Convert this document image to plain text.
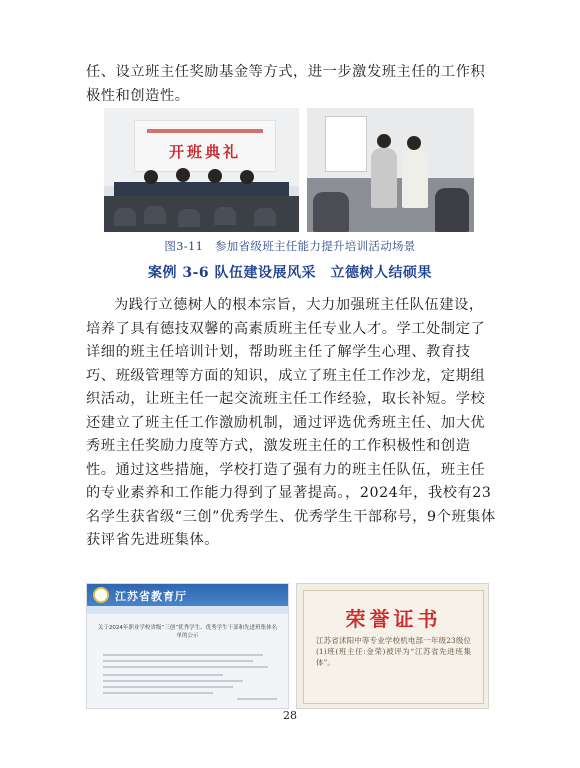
任、设立班主任奖励基金等方式，进一步激发班主任的工作积极性和创造性。

开班典礼
图3-11　参加省级班主任能力提升培训活动场景
案例 3-6 队伍建设展风采　立德树人结硕果

为践行立德树人的根本宗旨，大力加强班主任队伍建设，培养了具有德技双馨的高素质班主任专业人才。学工处制定了详细的班主任培训计划，帮助班主任了解学生心理、教育技巧、班级管理等方面的知识，成立了班主任工作沙龙，定期组织活动，让班主任一起交流班主任工作经验，取长补短。学校还建立了班主任工作激励机制，通过评选优秀班主任、加大优秀班主任奖励力度等方式，激发班主任的工作积极性和创造性。通过这些措施，学校打造了强有力的班主任队伍，班主任的专业素养和工作能力得到了显著提高。，2024年，我校有23名学生获省级“三创”优秀学生、优秀学生干部称号，9个班集体获评省先进班集体。

江苏省教育厅
关于2024年职业学校省级“三创”优秀学生、优秀学生干部和先进班集体名单的公示
荣誉证书
江苏省沭阳中等专业学校机电部一年级23级位(1)班(班主任:金荣)被评为“江苏省先进班集体”。
28
